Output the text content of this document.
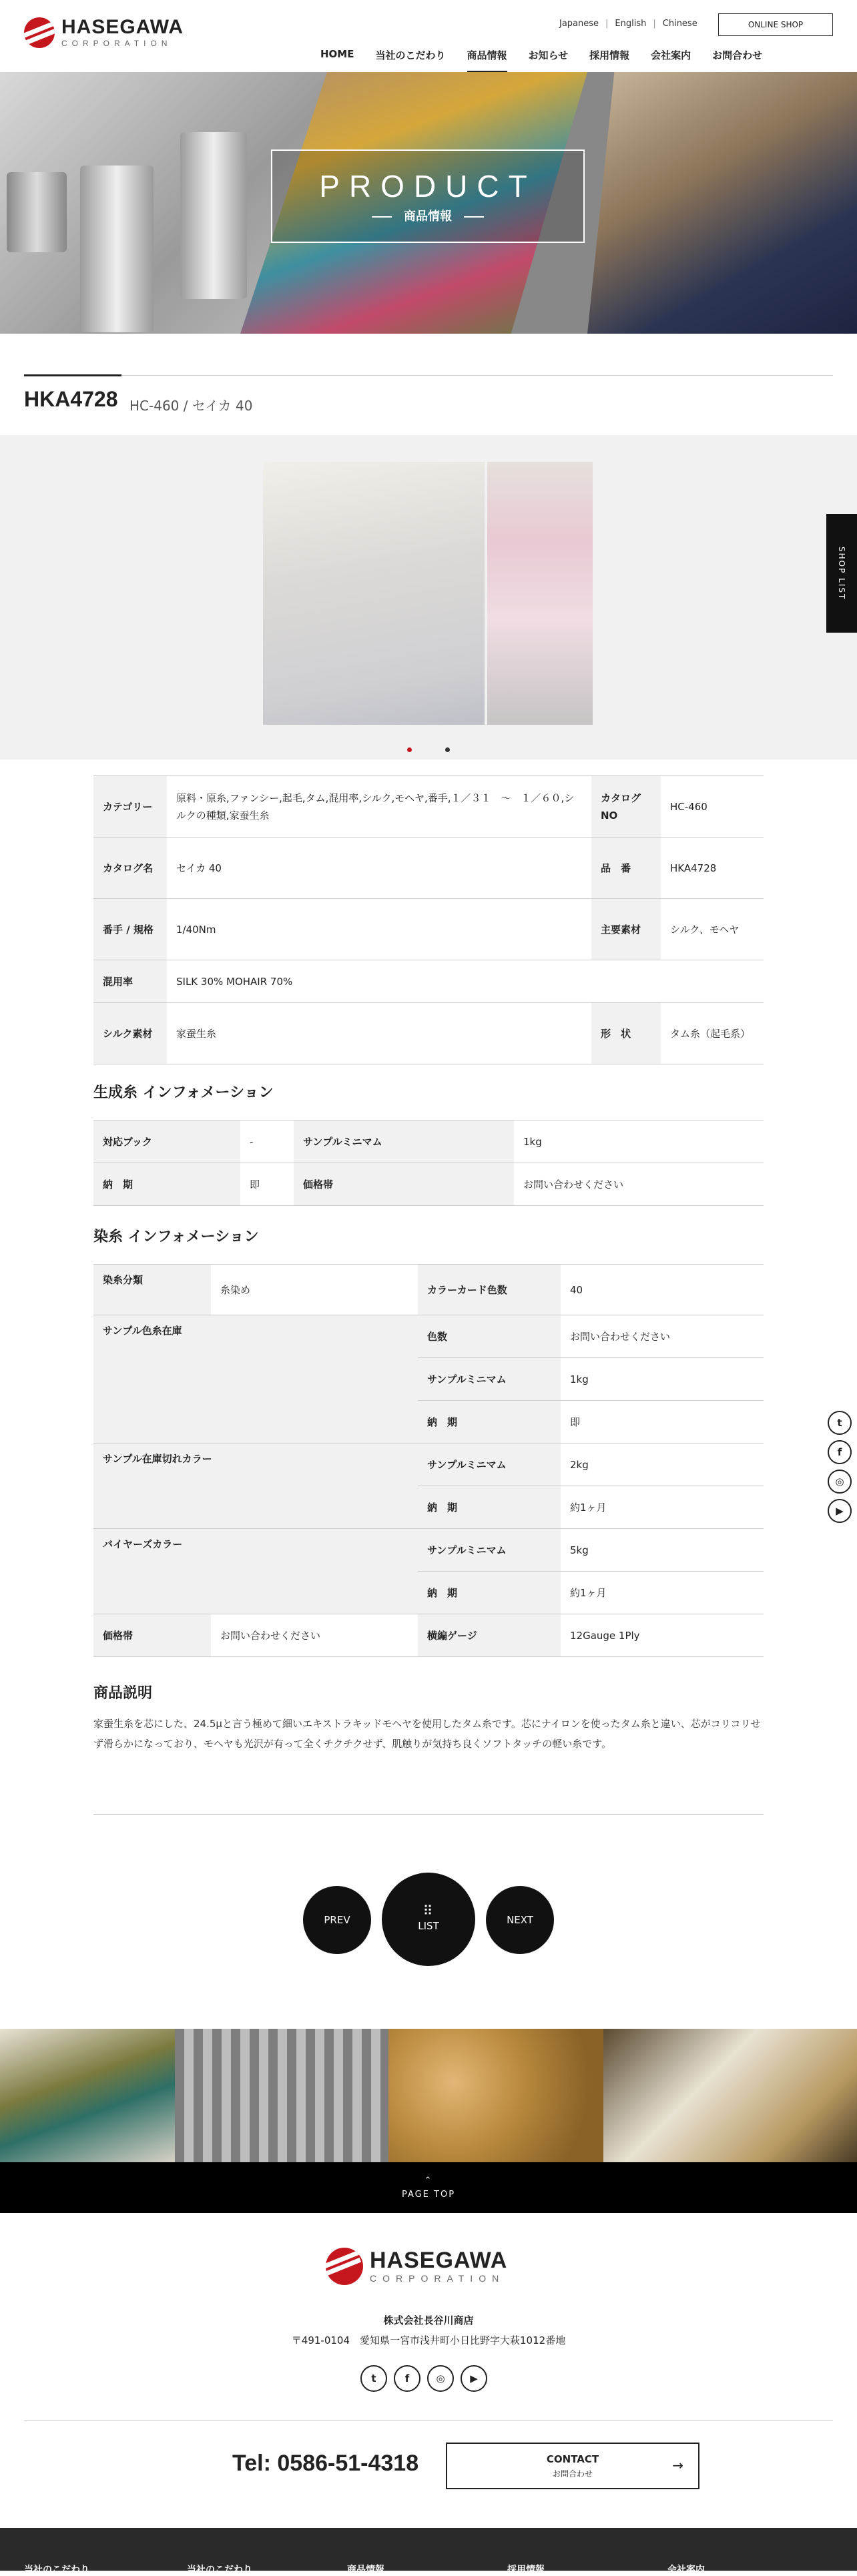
HASEGAWA
CORPORATION
Japanese | English | Chinese	ONLINE SHOP
HOME	当社のこだわり	商品情報	お知らせ	採用情報	会社案内	お問合わせ
PRODUCT
商品情報
HKA4728 HC-460 / セイカ 40
SHOP LIST
t
f
◎
▶
カテゴリー	原料・原糸,ファンシー,起毛,タム,混用率,シルク,モヘヤ,番手,１／３１　～　１／６０,シルクの種類,家蚕生糸	カタログNO	HC-460
カタログ名	セイカ 40	品　番	HKA4728
番手 / 規格	1/40Nm	主要素材	シルク、モヘヤ
混用率	SILK 30% MOHAIR 70%		
シルク素材	家蚕生糸	形　状	タム糸（起毛系）
生成糸 インフォメーション
対応ブック	-	サンプルミニマム	1kg
納　期	即	価格帯	お問い合わせください
染糸 インフォメーション
染糸分類	糸染め	カラーカード色数	40
サンプル色糸在庫		色数	お問い合わせください
		サンプルミニマム	1kg
		納　期	即
サンプル在庫切れカラー		サンプルミニマム	2kg
		納　期	約1ヶ月
バイヤーズカラー		サンプルミニマム	5kg
		納　期	約1ヶ月
価格帯	お問い合わせください	横編ゲージ	12Gauge 1Ply
商品説明
家蚕生糸を芯にした、24.5μと言う極めて細いエキストラキッドモヘヤを使用したタム糸です。芯にナイロンを使ったタム糸と違い、芯がコリコリせず滑らかになっており、モヘヤも光沢が有って全くチクチクせず、肌触りが気持ち良くソフトタッチの軽い糸です。
PREV
⠿
LIST	NEXT
⌃
PAGE TOP
HASEGAWA
CORPORATION
株式会社長谷川商店
〒491-0104　愛知県一宮市浅井町小日比野字大萩1012番地
t	f	◎	▶
Tel: 0586-51-4318	CONTACT
お問合わせ
→
当社のこだわり	当社のこだわり	商品情報	採用情報	会社案内
